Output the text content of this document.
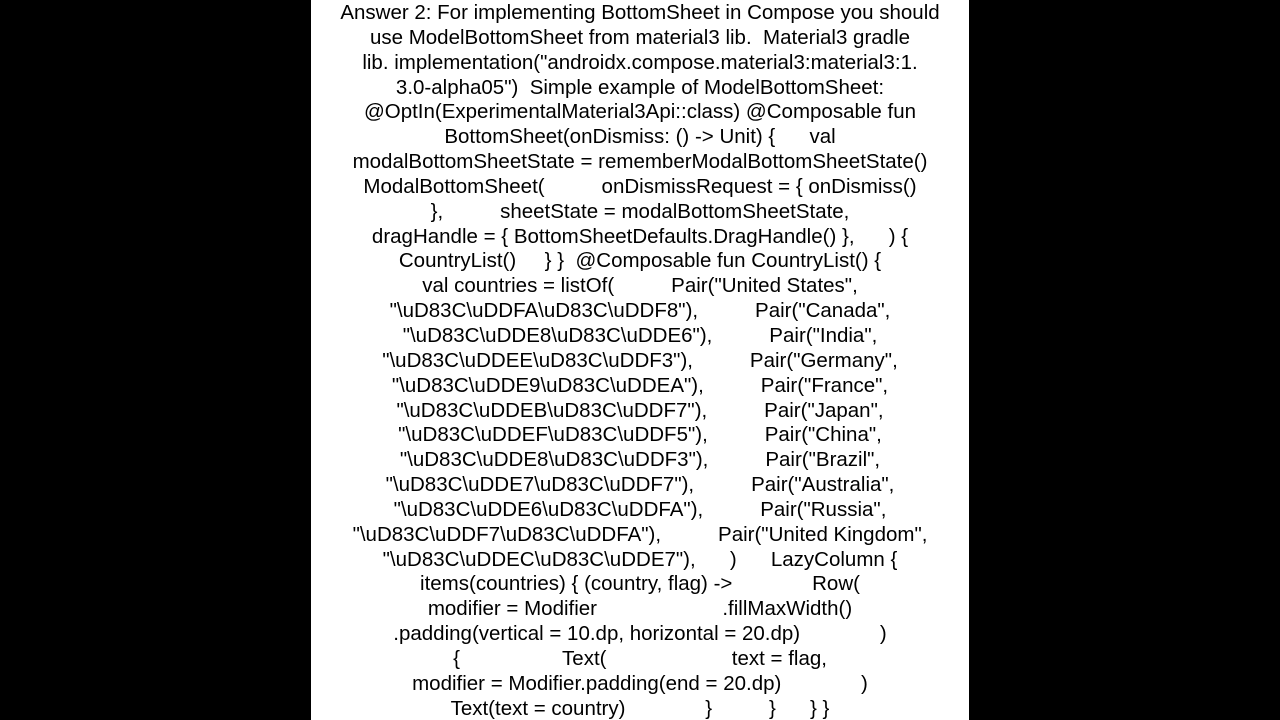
Answer 2: For implementing BottomSheet in Compose you should
use ModelBottomSheet from material3 lib.  Material3 gradle
lib. implementation("androidx.compose.material3:material3:1.
3.0-alpha05")  Simple example of ModelBottomSheet:
@OptIn(ExperimentalMaterial3Api::class) @Composable fun
BottomSheet(onDismiss: () -> Unit) {      val
modalBottomSheetState = rememberModalBottomSheetState()
ModalBottomSheet(          onDismissRequest = { onDismiss()
},          sheetState = modalBottomSheetState,
dragHandle = { BottomSheetDefaults.DragHandle() },      ) {
CountryList()     } }  @Composable fun CountryList() {
val countries = listOf(          Pair("United States",
"\uD83C\uDDFA\uD83C\uDDF8"),          Pair("Canada",
"\uD83C\uDDE8\uD83C\uDDE6"),          Pair("India",
"\uD83C\uDDEE\uD83C\uDDF3"),          Pair("Germany",
"\uD83C\uDDE9\uD83C\uDDEA"),          Pair("France",
"\uD83C\uDDEB\uD83C\uDDF7"),          Pair("Japan",
"\uD83C\uDDEF\uD83C\uDDF5"),          Pair("China",
"\uD83C\uDDE8\uD83C\uDDF3"),          Pair("Brazil",
"\uD83C\uDDE7\uD83C\uDDF7"),          Pair("Australia",
"\uD83C\uDDE6\uD83C\uDDFA"),          Pair("Russia",
"\uD83C\uDDF7\uD83C\uDDFA"),          Pair("United Kingdom",
"\uD83C\uDDEC\uD83C\uDDE7"),      )      LazyColumn {
items(countries) { (country, flag) ->              Row(
modifier = Modifier                      .fillMaxWidth()
.padding(vertical = 10.dp, horizontal = 20.dp)              )
{                  Text(                      text = flag,
modifier = Modifier.padding(end = 20.dp)              )
Text(text = country)              }          }      } }
